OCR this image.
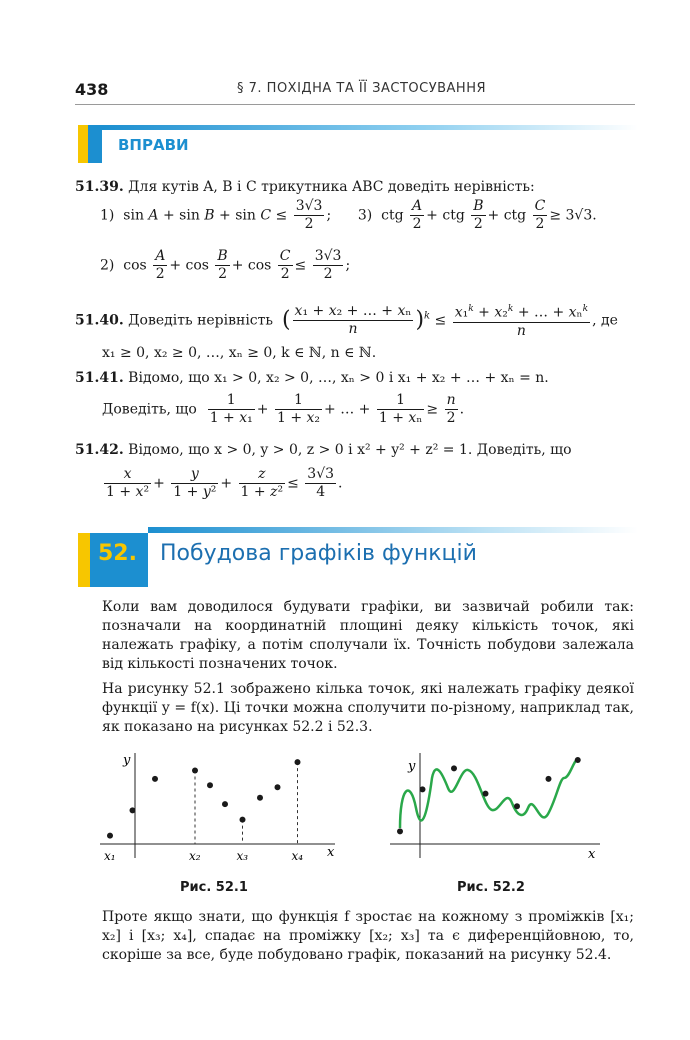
438	§ 7. ПОХІДНА ТА ЇЇ ЗАСТОСУВАННЯ
ВПРАВИ
51.39. Для кутів A, B і C трикутника ABC доведіть нерівність:
1)  $\sin A + \sin B + \sin C \le \frac{3√3}{2}$ ;      3)  ctg $\frac{A}{2}$ + ctg $\frac{B}{2}$ + ctg $\frac{C}{2} \ge 3√3$.
2)  $\cos \frac{A}{2} + \cos \frac{B}{2} + \cos \frac{C}{2} \le \frac{3√3}{2}$ ;
51.40. Доведіть нерівність ( $\frac{\text{x₁ + x₂ + … + xₙ}}{n} )^k \le \frac{x_1^k + x_2^k + \dots + x_n^k}{n}$ , де
x₁ ≥ 0, x₂ ≥ 0, …, xₙ ≥ 0, k ∈ ℕ, n ∈ ℕ.
51.41. Відомо, що x₁ > 0, x₂ > 0, …, xₙ > 0 і x₁ + x₂ + … + xₙ = n.
Доведіть, що $\frac{1}{\text{1 + x₁}} + \frac{1}{\text{1 + x₂}}$ + … + $\frac{1}{\text{1 + xₙ}} \ge \frac{n}{2}$ .
51.42. Відомо, що x > 0, y > 0, z > 0 і x² + y² + z² = 1. Доведіть, що
$\frac{x}{\text{1 + x²}} + \frac{y}{\text{1 + y²}} + \frac{z}{\text{1 + z²}} \le \frac{3√3}{4}$ .
52. Побудова графіків функцій
Коли вам доводилося будувати графіки, ви зазвичай робили так: позначали на координатній площині деяку кількість точок, які належать графіку, а потім сполучали їх. Точність побудови залежала від кількості позначених точок.
На рисунку 52.1 зображено кілька точок, які належать графіку деякої функції y = f(x). Ці точки можна сполучити по-різному, наприклад так, як показано на рисунках 52.2 і 52.3.
y
x
x₁	x₂	x₃	x₄
Рис. 52.1
y
x
Рис. 52.2
Проте якщо знати, що функція f зростає на кожному з проміжків [x₁; x₂] і [x₃; x₄], спадає на проміжку [x₂; x₃] та є диференційовною, то, скоріше за все, буде побудовано графік, показаний на рисунку 52.4.
